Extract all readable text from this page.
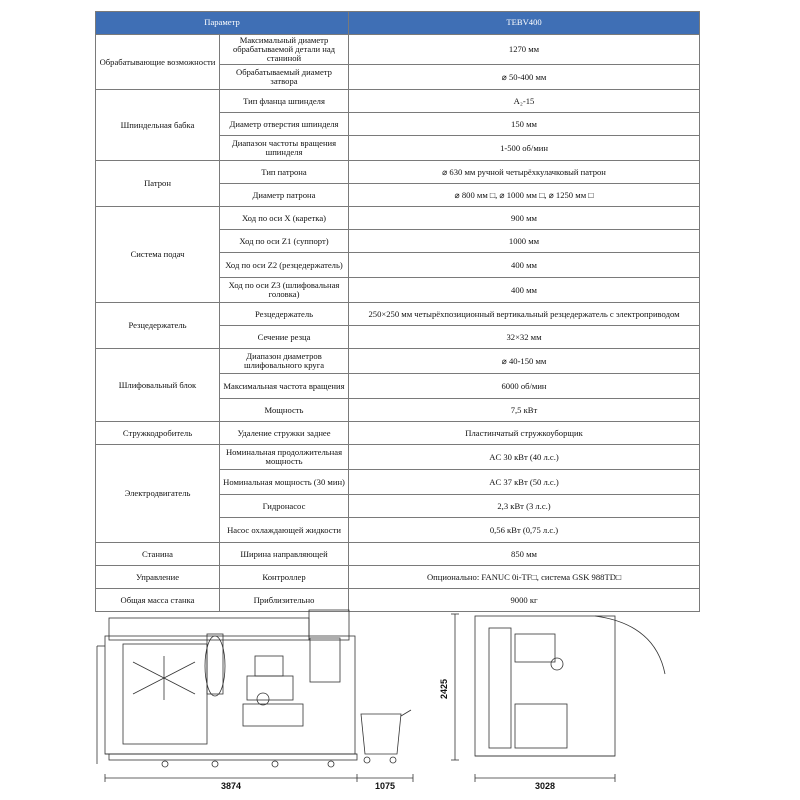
Параметр		TEBV400
Обрабатывающие возможности	Максимальный диаметр обрабатываемой детали над станиной	1270 мм
	Обрабатываемый диаметр затвора	⌀ 50-400 мм
Шпиндельная бабка	Тип фланца шпинделя	A₂-15
	Диаметр отверстия шпинделя	150 мм
	Диапазон частоты вращения шпинделя	1-500 об/мин
Патрон	Тип патрона	⌀ 630 мм ручной четырёхкулачковый патрон
	Диаметр патрона	⌀ 800 мм □, ⌀ 1000 мм □, ⌀ 1250 мм □
Система подач	Ход по оси X (каретка)	900 мм
	Ход по оси Z1 (суппорт)	1000 мм
	Ход по оси Z2 (резцедержатель)	400 мм
	Ход по оси Z3 (шлифовальная головка)	400 мм
Резцедержатель	Резцедержатель	250×250 мм четырёхпозиционный вертикальный резцедержатель с электроприводом
	Сечение резца	32×32 мм
Шлифовальный блок	Диапазон диаметров шлифовального круга	⌀ 40-150 мм
	Максимальная частота вращения	6000 об/мин
	Мощность	7,5 кВт
Стружкодробитель	Удаление стружки заднее	Пластинчатый стружкоуборщик
Электродвигатель	Номинальная продолжительная мощность	AC 30 кВт (40 л.с.)
	Номинальная мощность (30 мин)	AC 37 кВт (50 л.с.)
	Гидронасос	2,3 кВт (3 л.с.)
	Насос охлаждающей жидкости	0,56 кВт (0,75 л.с.)
Станина	Ширина направляющей	850 мм
Управление	Контроллер	Опционально: FANUC 0i-TF□, система GSK 988TD□
Общая масса станка	Приблизительно	9000 кг
3874	1075	3028
2425
